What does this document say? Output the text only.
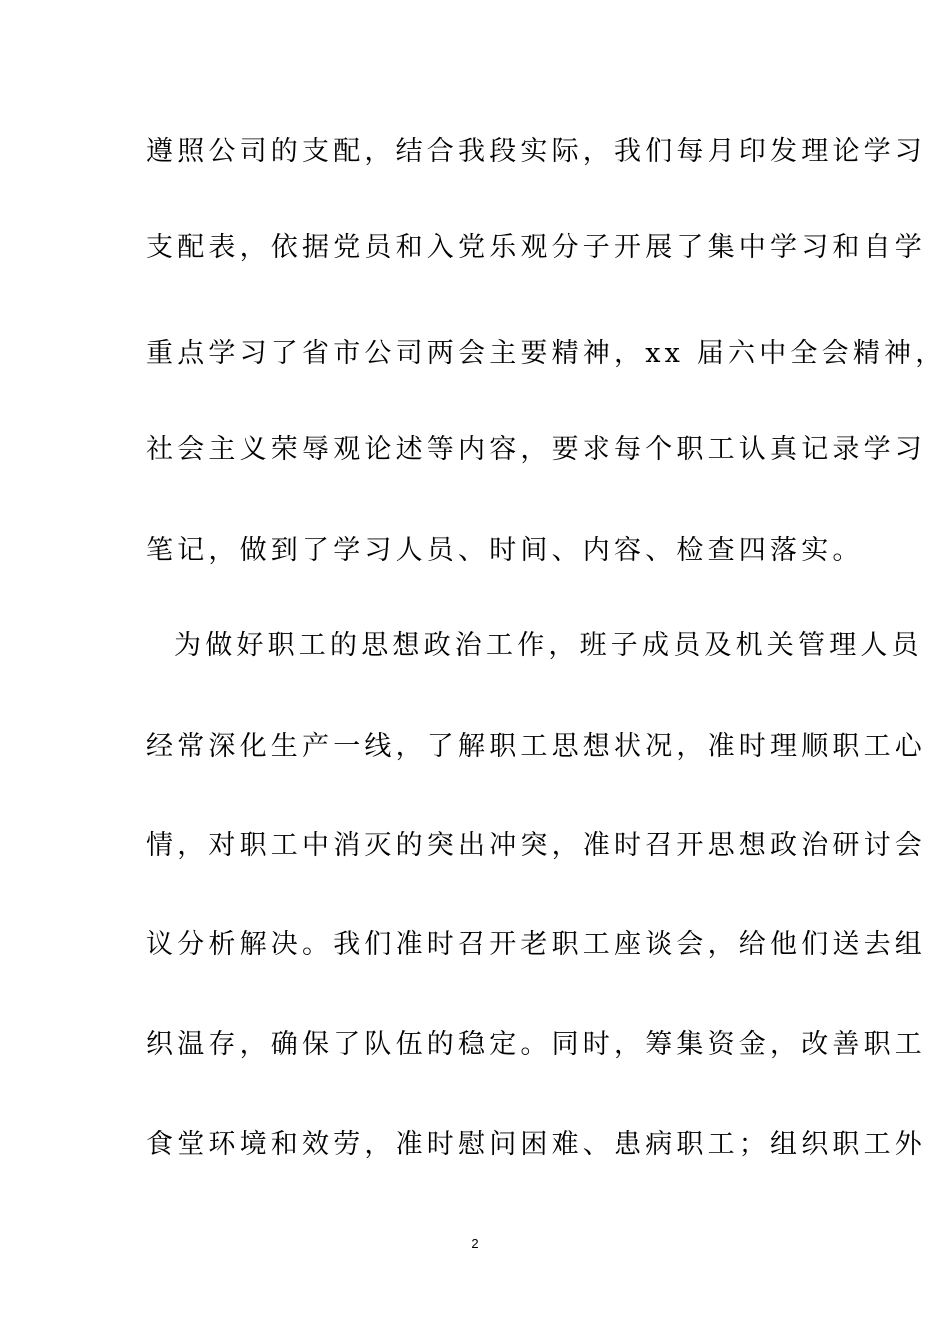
遵照公司的支配，结合我段实际，我们每月印发理论学习
支配表，依据党员和入党乐观分子开展了集中学习和自学
重点学习了省市公司两会主要精神，xx 届六中全会精神，
社会主义荣辱观论述等内容，要求每个职工认真记录学习
笔记，做到了学习人员、时间、内容、检查四落实。
为做好职工的思想政治工作，班子成员及机关管理人员
经常深化生产一线，了解职工思想状况，准时理顺职工心
情，对职工中消灭的突出冲突，准时召开思想政治研讨会
议分析解决。我们准时召开老职工座谈会，给他们送去组
织温存，确保了队伍的稳定。同时，筹集资金，改善职工
食堂环境和效劳，准时慰问困难、患病职工；组织职工外
2
